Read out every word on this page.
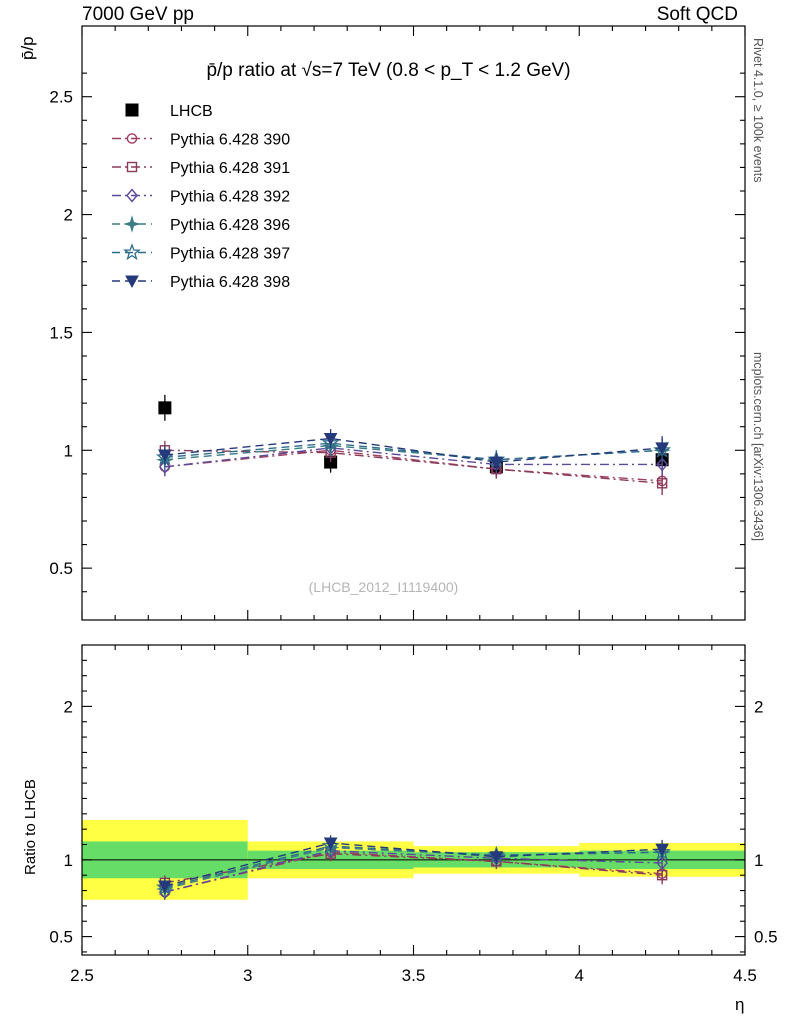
7000 GeV pp	Soft QCD
Rivet 4.1.0, ≥ 100k events
mcplots.cern.ch [arXiv:1306.3436]
p̄/p
Ratio to LHCB
η
0.5
1
1.5
2
2.5
0.5	0.5
1	1
2	2
2.5	3	3.5	4	4.5
p̄/p ratio at √s=7 TeV (0.8 < p_T < 1.2 GeV)
(LHCB_2012_I1119400)
LHCB
Pythia 6.428 390
Pythia 6.428 391
Pythia 6.428 392
Pythia 6.428 396
Pythia 6.428 397
Pythia 6.428 398
